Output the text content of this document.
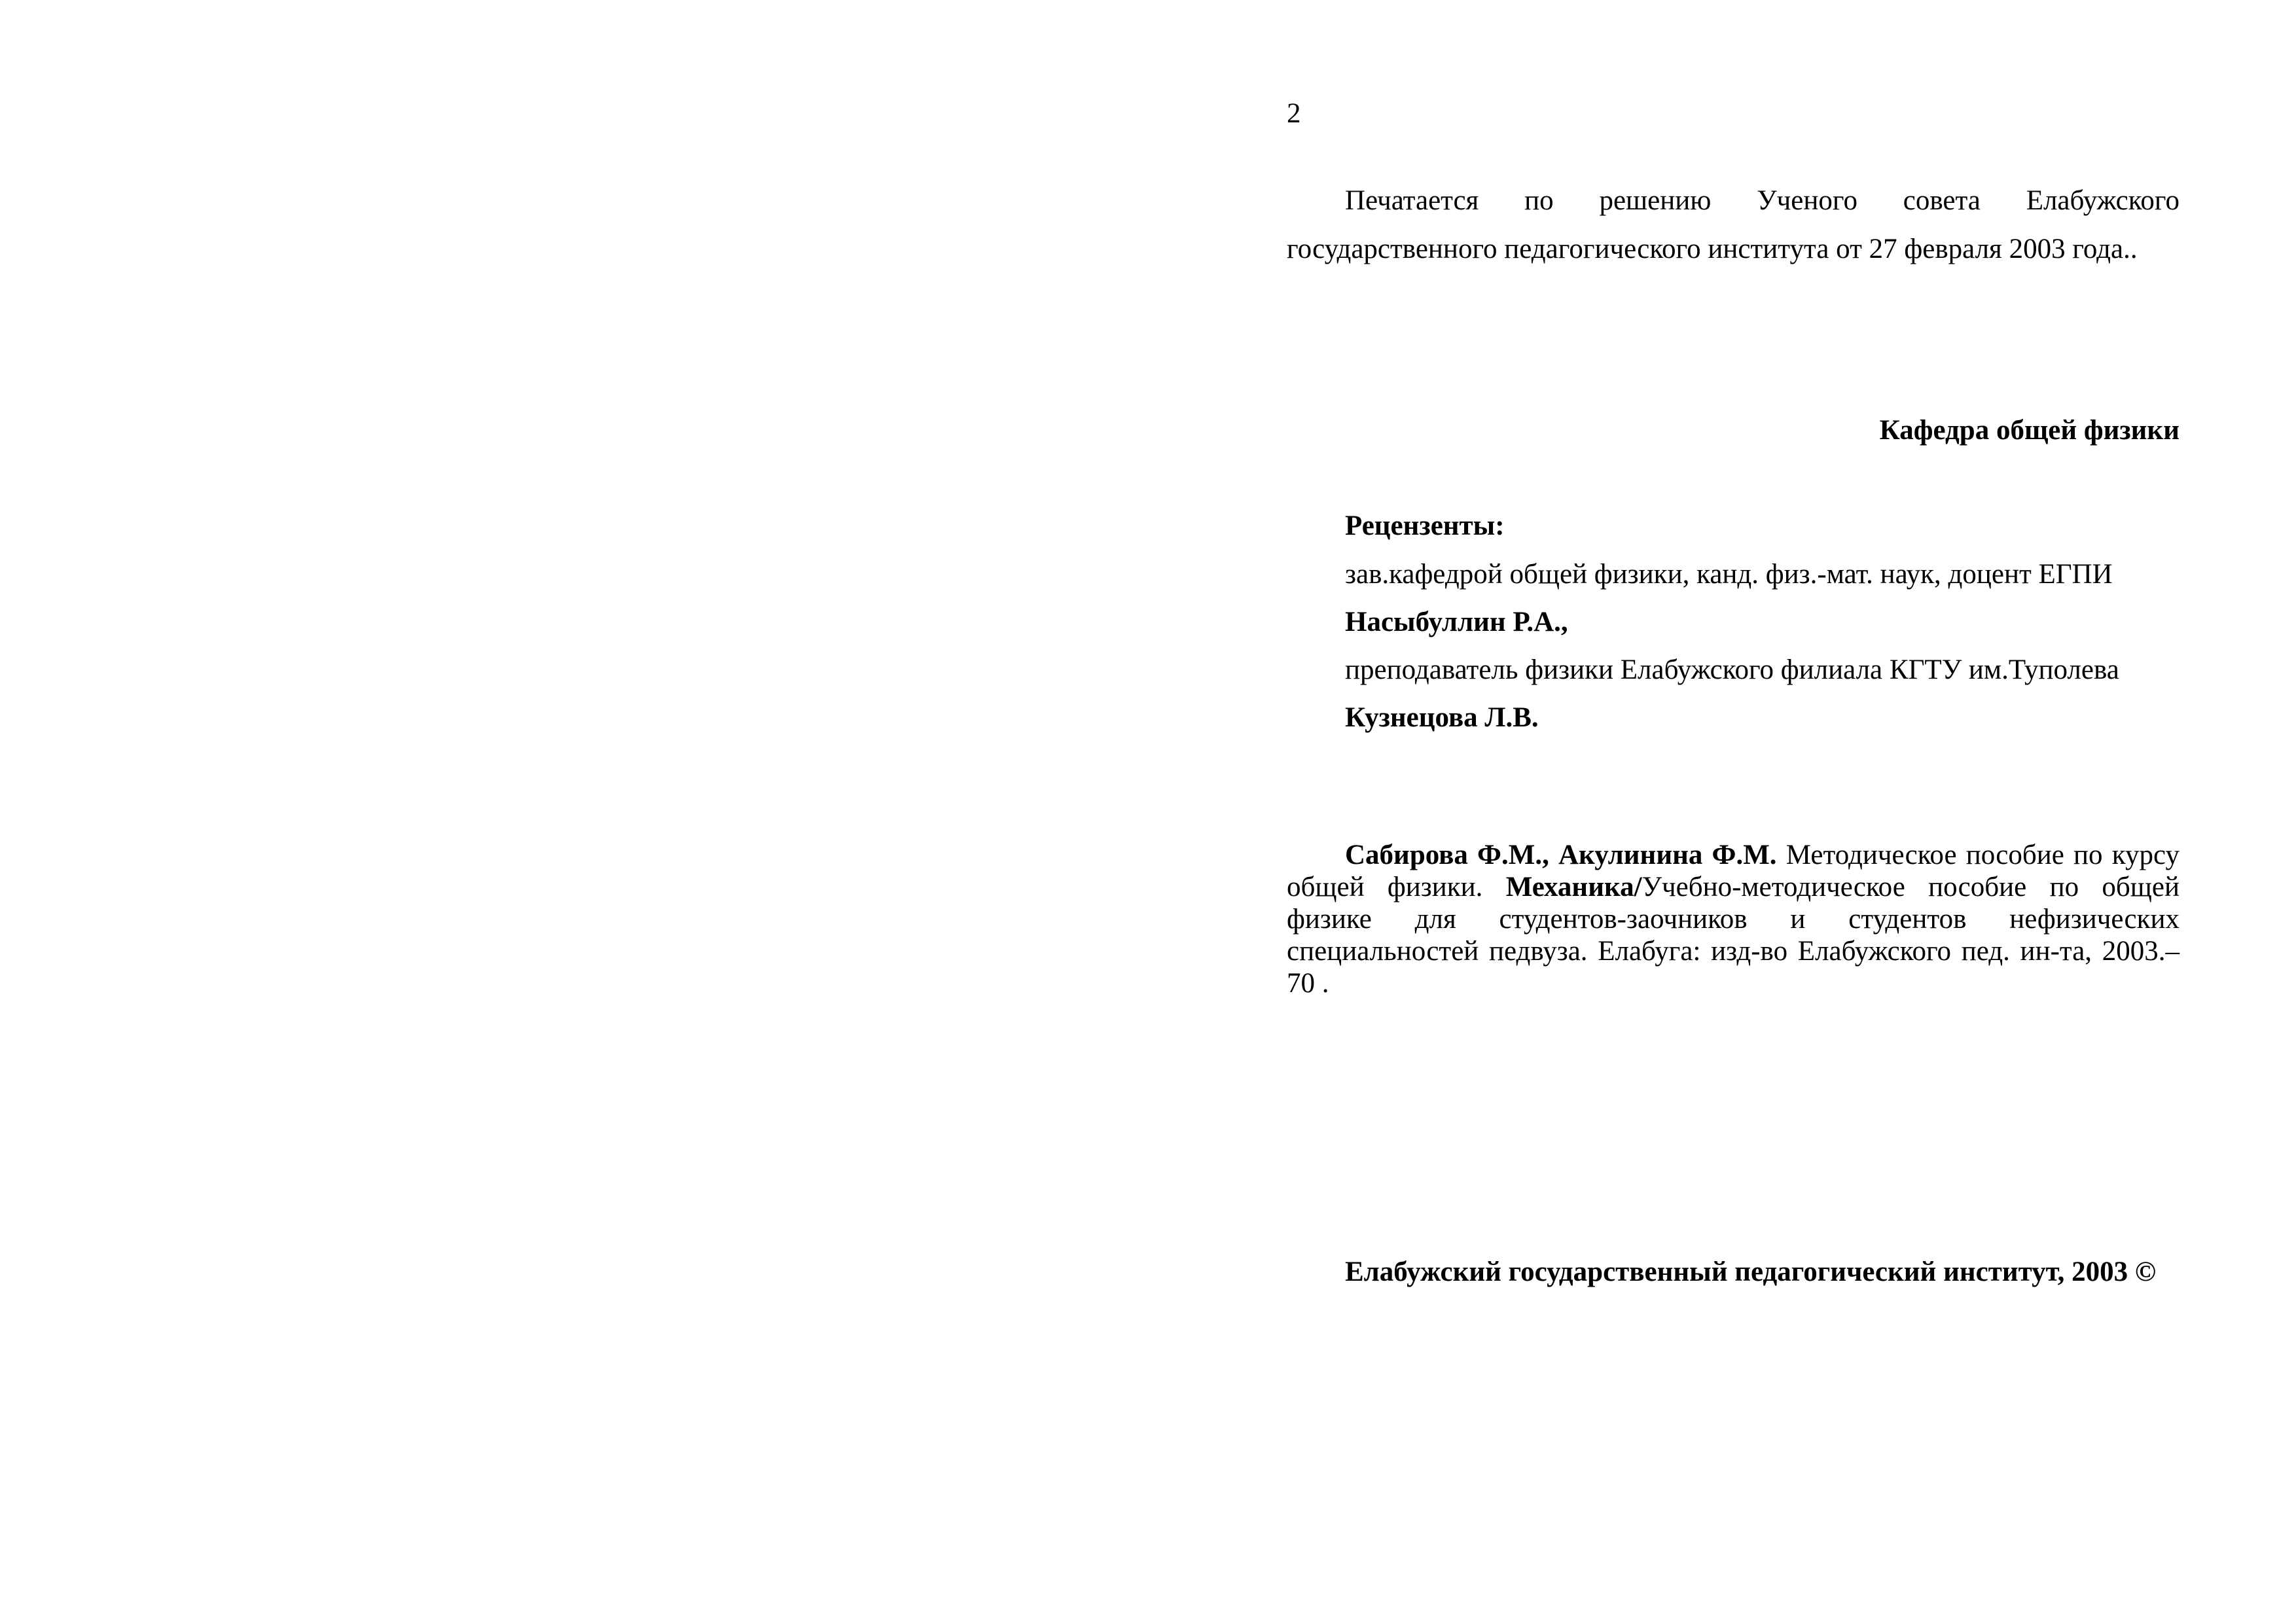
2

Печатается по решению Ученого совета Елабужского государственного педагогического института от 27 февраля 2003 года..

Кафедра общей физики

Рецензенты:

зав.кафедрой общей физики, канд. физ.-мат. наук, доцент ЕГПИ

Насыбуллин Р.А.,

преподаватель физики Елабужского филиала КГТУ им.Туполева

Кузнецова Л.В.

Сабирова Ф.М., Акулинина Ф.М. Методическое пособие по курсу общей физики. Механика/Учебно-методическое пособие по общей физике для студентов-заочников и студентов нефизических специальностей педвуза. Елабуга: изд-во Елабужского пед. ин-та, 2003.– 70 .

Елабужский государственный педагогический институт, 2003 ©
